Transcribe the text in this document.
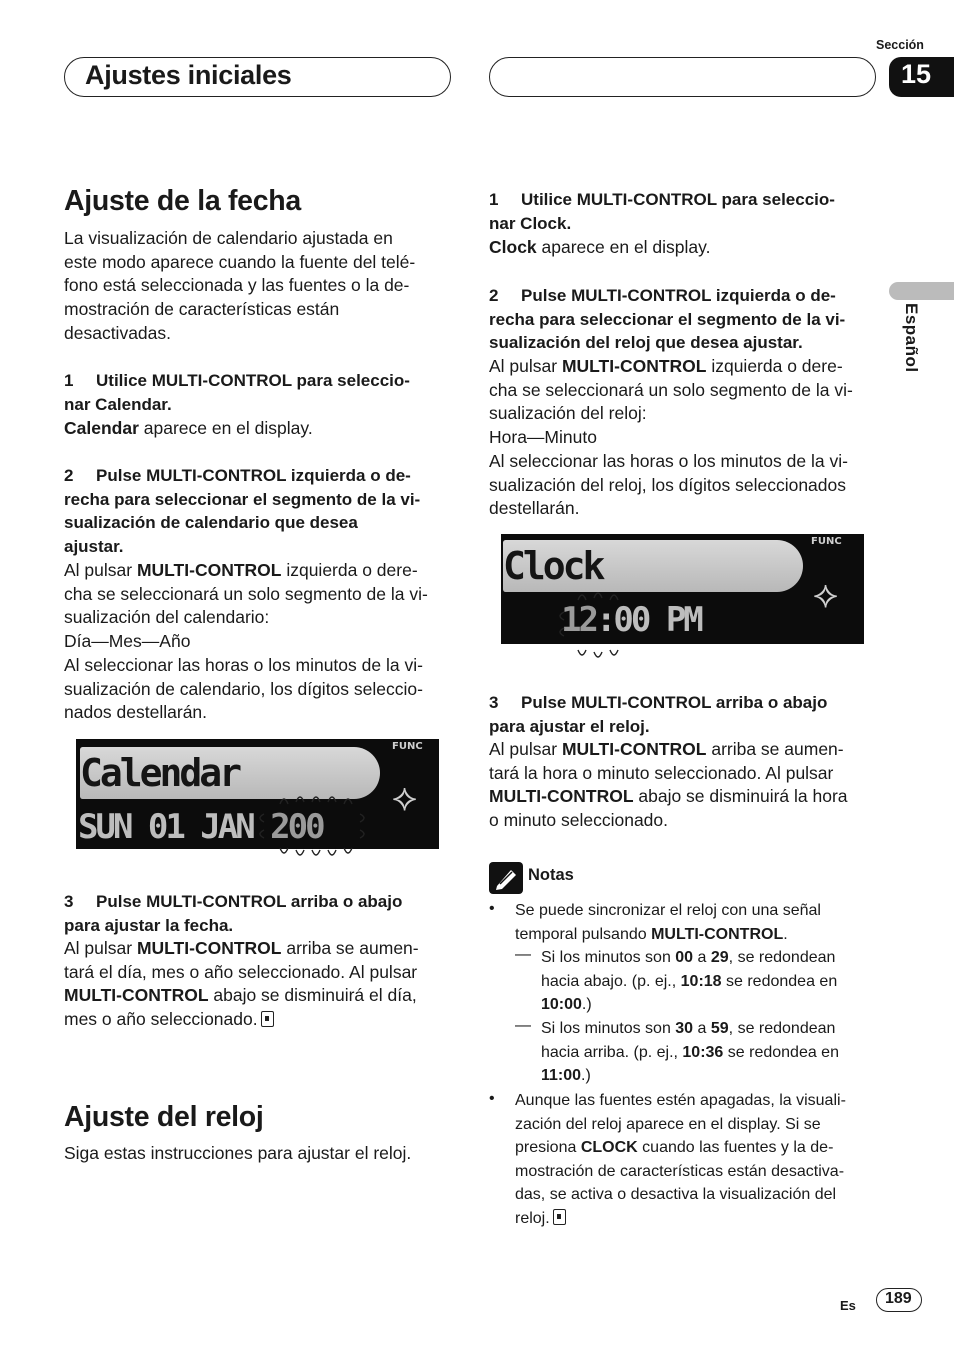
Ajustes iniciales
Sección
15
Español
Ajuste de la fecha
La visualización de calendario ajustada en
este modo aparece cuando la fuente del telé-
fono está seleccionada y las fuentes o la de-
mostración de características están
desactivadas.
1 Utilice MULTI-CONTROL para seleccio-
nar Calendar.
Calendar aparece en el display.
2 Pulse MULTI-CONTROL izquierda o de-
recha para seleccionar el segmento de la vi-
sualización de calendario que desea
ajustar.
Al pulsar MULTI-CONTROL izquierda o dere-
cha se seleccionará un solo segmento de la vi-
sualización del calendario:
Día—Mes—Año
Al seleccionar las horas o los minutos de la vi-
sualización de calendario, los dígitos seleccio-
nados destellarán.
Calendar
SUN 01 JAN 200
FUNC
⟡
3 Pulse MULTI-CONTROL arriba o abajo
para ajustar la fecha.
Al pulsar MULTI-CONTROL arriba se aumen-
tará el día, mes o año seleccionado. Al pulsar
MULTI-CONTROL abajo se disminuirá el día,
mes o año seleccionado.
Ajuste del reloj
Siga estas instrucciones para ajustar el reloj.
1 Utilice MULTI-CONTROL para seleccio-
nar Clock.
Clock aparece en el display.
2 Pulse MULTI-CONTROL izquierda o de-
recha para seleccionar el segmento de la vi-
sualización del reloj que desea ajustar.
Al pulsar MULTI-CONTROL izquierda o dere-
cha se seleccionará un solo segmento de la vi-
sualización del reloj:
Hora—Minuto
Al seleccionar las horas o los minutos de la vi-
sualización del reloj, los dígitos seleccionados
destellarán.
Clock
12:00 PM
FUNC
⟡
3 Pulse MULTI-CONTROL arriba o abajo
para ajustar el reloj.
Al pulsar MULTI-CONTROL arriba se aumen-
tará la hora o minuto seleccionado. Al pulsar
MULTI-CONTROL abajo se disminuirá la hora
o minuto seleccionado.
Notas
• Se puede sincronizar el reloj con una señal
temporal pulsando MULTI-CONTROL.
— Si los minutos son 00 a 29, se redondean
hacia abajo. (p. ej., 10:18 se redondea en
10:00.)
— Si los minutos son 30 a 59, se redondean
hacia arriba. (p. ej., 10:36 se redondea en
11:00.)
• Aunque las fuentes estén apagadas, la visuali-
zación del reloj aparece en el display. Si se
presiona CLOCK cuando las fuentes y la de-
mostración de características están desactiva-
das, se activa o desactiva la visualización del
reloj.
Es 189
